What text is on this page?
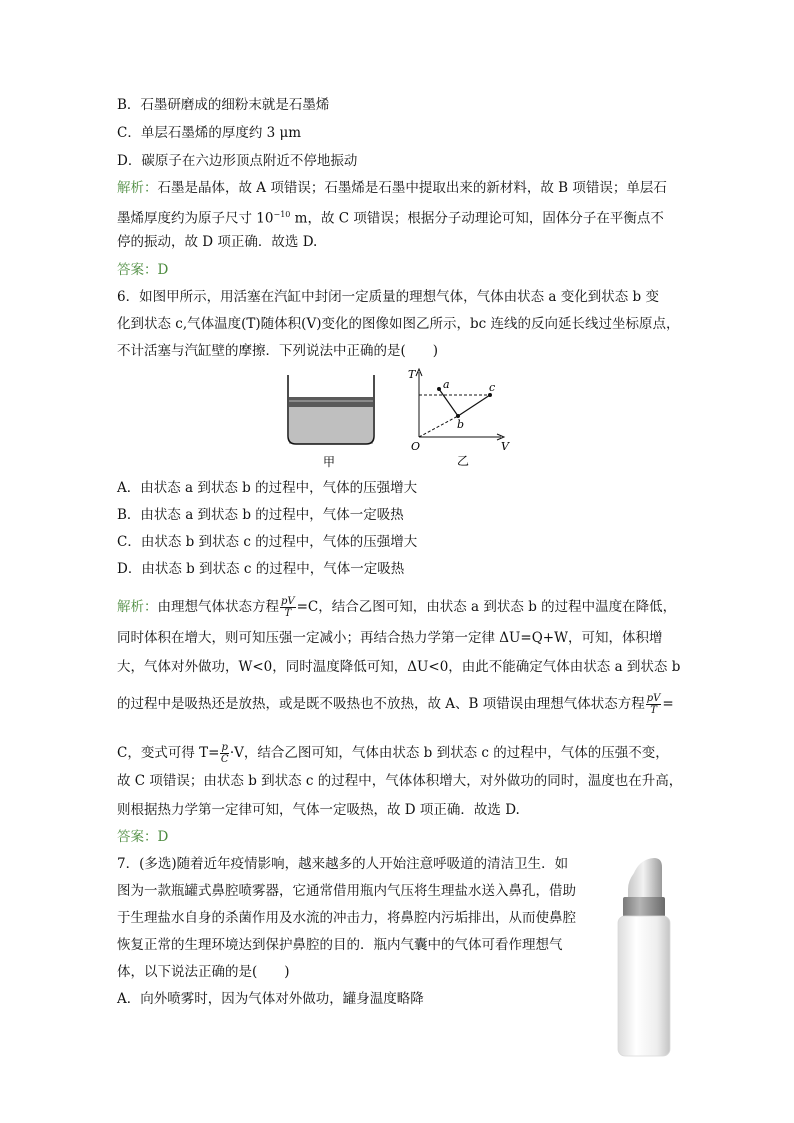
B．石墨研磨成的细粉末就是石墨烯
C．单层石墨烯的厚度约 3 μm
D．碳原子在六边形顶点附近不停地振动
解析：石墨是晶体，故 A 项错误；石墨烯是石墨中提取出来的新材料，故 B 项错误；单层石
墨烯厚度约为原子尺寸 $10^{-10}$ m，故 C 项错误；根据分子动理论可知，固体分子在平衡点不
停的振动，故 D 项正确．故选 D.
答案：D
6．如图甲所示，用活塞在汽缸中封闭一定质量的理想气体，气体由状态 a 变化到状态 b 变
化到状态 c,气体温度(T)随体积(V)变化的图像如图乙所示，bc 连线的反向延长线过坐标原点，
不计活塞与汽缸壁的摩擦．下列说法中正确的是(　　)
甲
T
V
O
a
b
c
乙
A．由状态 a 到状态 b 的过程中，气体的压强增大
B．由状态 a 到状态 b 的过程中，气体一定吸热
C．由状态 b 到状态 c 的过程中，气体的压强增大
D．由状态 b 到状态 c 的过程中，气体一定吸热
解析：由理想气体状态方程 $\frac{pV}{T} =C$，结合乙图可知，由状态 a 到状态 b 的过程中温度在降低，
同时体积在增大，则可知压强一定减小；再结合热力学第一定律 ΔU=Q+W，可知，体积增
大，气体对外做功，W<0，同时温度降低可知，ΔU<0，由此不能确定气体由状态 a 到状态 b
的过程中是吸热还是放热，或是既不吸热也不放热，故 A、B 项错误由理想气体状态方程 $\frac{pV}{T}$ =
C，变式可得 $T= \frac{p}{C} \cdot V$，结合乙图可知，气体由状态 b 到状态 c 的过程中，气体的压强不变，
故 C 项错误；由状态 b 到状态 c 的过程中，气体体积增大，对外做功的同时，温度也在升高，
则根据热力学第一定律可知，气体一定吸热，故 D 项正确．故选 D.
答案：D
7．(多选)随着近年疫情影响，越来越多的人开始注意呼吸道的清洁卫生．如
图为一款瓶罐式鼻腔喷雾器，它通常借用瓶内气压将生理盐水送入鼻孔，借助
于生理盐水自身的杀菌作用及水流的冲击力，将鼻腔内污垢排出，从而使鼻腔
恢复正常的生理环境达到保护鼻腔的目的．瓶内气囊中的气体可看作理想气
体，以下说法正确的是(　　)
A．向外喷雾时，因为气体对外做功，罐身温度略降
